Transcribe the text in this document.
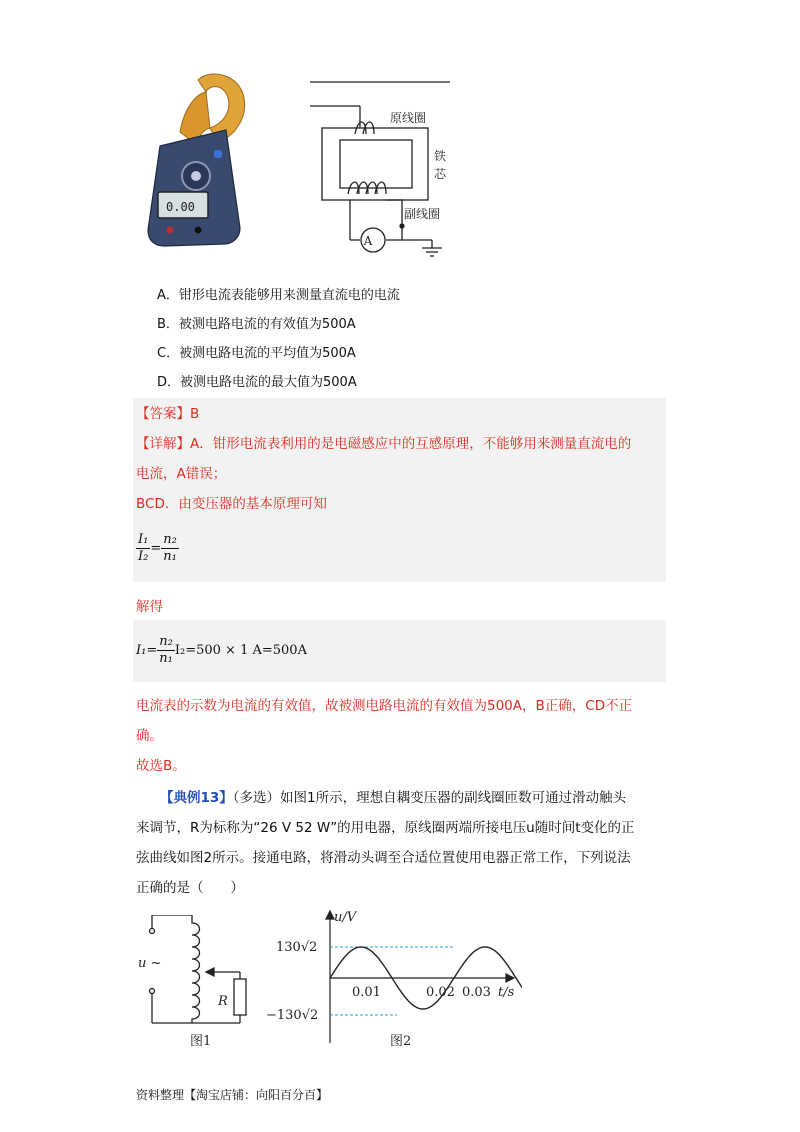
0.00
A
原线圈
铁
芯
副线圈
A．钳形电流表能够用来测量直流电的电流
B．被测电路电流的有效值为500A
C．被测电路电流的平均值为500A
D．被测电路电流的最大值为500A
【答案】B
【详解】A．钳形电流表利用的是电磁感应中的互感原理，不能够用来测量直流电的
电流，A错误；
BCD．由变压器的基本原理可知
$\frac{\text{I₁}}{\text{I₂}} = \frac{\text{n₂}}{\text{n₁}}$
解得
$I_1= \frac{\text{n₂}}{\text{n₁}} I_2=500 \times 1$ A=500A
电流表的示数为电流的有效值，故被测电路电流的有效值为500A，B正确，CD不正
确。
故选B。
【典例13】（多选）如图1所示，理想自耦变压器的副线圈匝数可通过滑动触头
来调节，R为标称为“26 V 52 W”的用电器，原线圈两端所接电压u随时间t变化的正
弦曲线如图2所示。接通电路，将滑动头调至合适位置使用电器正常工作，下列说法
正确的是（　　）
u ~
R
图1
u/V
130√2
−130√2
0.01	0.02 0.03 t/s
图2
资料整理【淘宝店铺：向阳百分百】
